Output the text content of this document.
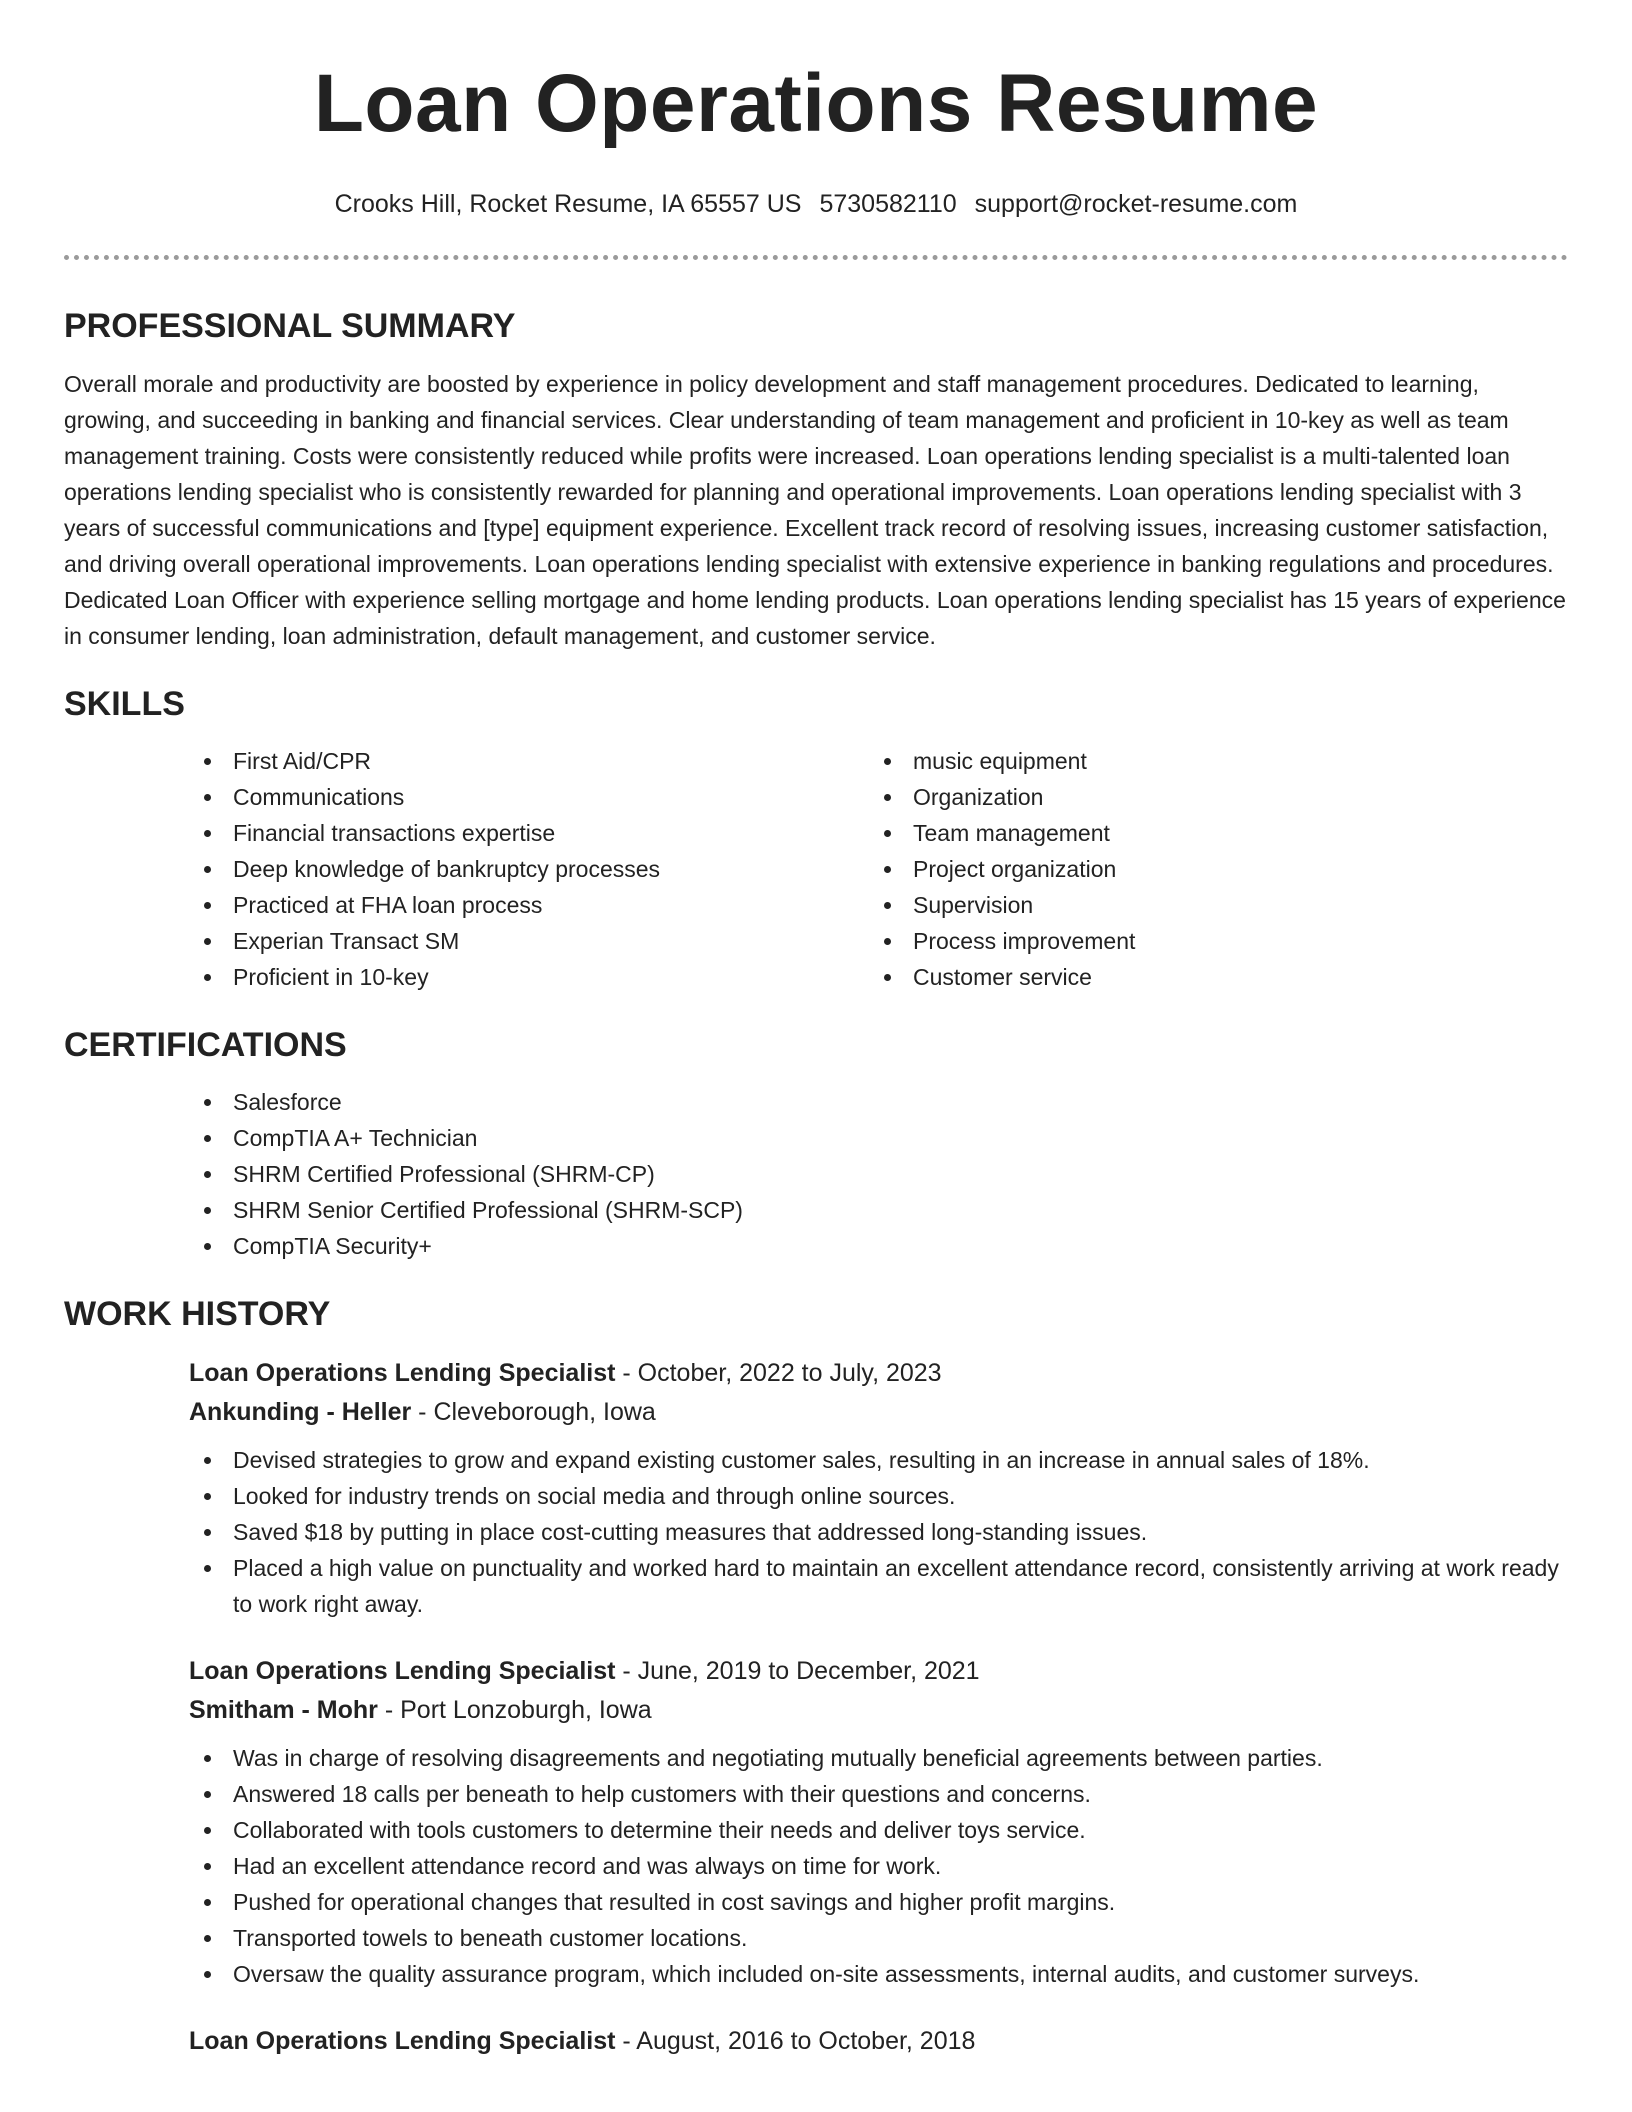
Loan Operations Resume
Crooks Hill, Rocket Resume, IA 65557 US 5730582110 support@rocket-resume.com
PROFESSIONAL SUMMARY

Overall morale and productivity are boosted by experience in policy development and staff management procedures. Dedicated to learning, growing, and succeeding in banking and financial services. Clear understanding of team management and proficient in 10-key as well as team management training. Costs were consistently reduced while profits were increased. Loan operations lending specialist is a multi-talented loan operations lending specialist who is consistently rewarded for planning and operational improvements. Loan operations lending specialist with 3 years of successful communications and [type] equipment experience. Excellent track record of resolving issues, increasing customer satisfaction, and driving overall operational improvements. Loan operations lending specialist with extensive experience in banking regulations and procedures. Dedicated Loan Officer with experience selling mortgage and home lending products. Loan operations lending specialist has 15 years of experience in consumer lending, loan administration, default management, and customer service.

SKILLS
First Aid/CPR
Communications
Financial transactions expertise
Deep knowledge of bankruptcy processes
Practiced at FHA loan process
Experian Transact SM
Proficient in 10-key
music equipment
Organization
Team management
Project organization
Supervision
Process improvement
Customer service
CERTIFICATIONS
Salesforce
CompTIA A+ Technician
SHRM Certified Professional (SHRM-CP)
SHRM Senior Certified Professional (SHRM-SCP)
CompTIA Security+
WORK HISTORY
Loan Operations Lending Specialist - October, 2022 to July, 2023
Ankunding - Heller - Cleveborough, Iowa
Devised strategies to grow and expand existing customer sales, resulting in an increase in annual sales of 18%.
Looked for industry trends on social media and through online sources.
Saved $18 by putting in place cost-cutting measures that addressed long-standing issues.
Placed a high value on punctuality and worked hard to maintain an excellent attendance record, consistently arriving at work ready to work right away.
Loan Operations Lending Specialist - June, 2019 to December, 2021
Smitham - Mohr - Port Lonzoburgh, Iowa
Was in charge of resolving disagreements and negotiating mutually beneficial agreements between parties.
Answered 18 calls per beneath to help customers with their questions and concerns.
Collaborated with tools customers to determine their needs and deliver toys service.
Had an excellent attendance record and was always on time for work.
Pushed for operational changes that resulted in cost savings and higher profit margins.
Transported towels to beneath customer locations.
Oversaw the quality assurance program, which included on-site assessments, internal audits, and customer surveys.
Loan Operations Lending Specialist - August, 2016 to October, 2018
